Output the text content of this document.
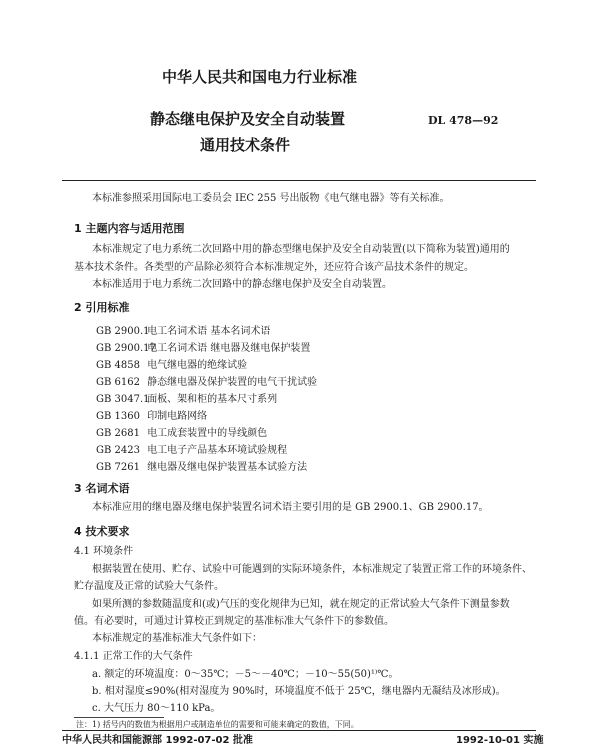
中华人民共和国电力行业标准
静态继电保护及安全自动装置
通用技术条件
DL 478—92
本标准参照采用国际电工委员会 IEC 255 号出版物《电气继电器》等有关标准。
1 主题内容与适用范围
本标准规定了电力系统二次回路中用的静态型继电保护及安全自动装置(以下简称为装置)通用的
基本技术条件。各类型的产品除必须符合本标准规定外，还应符合该产品技术条件的规定。
本标准适用于电力系统二次回路中的静态继电保护及安全自动装置。
2 引用标准
GB 2900.1 电工名词术语 基本名词术语
GB 2900.17 电工名词术语 继电器及继电保护装置
GB 4858 电气继电器的绝缘试验
GB 6162 静态继电器及保护装置的电气干扰试验
GB 3047.1 面板、架和柜的基本尺寸系列
GB 1360 印制电路网络
GB 2681 电工成套装置中的导线颜色
GB 2423 电工电子产品基本环境试验规程
GB 7261 继电器及继电保护装置基本试验方法
3 名词术语
本标准应用的继电器及继电保护装置名词术语主要引用的是 GB 2900.1、GB 2900.17。
4 技术要求
4.1 环境条件
根据装置在使用、贮存、试验中可能遇到的实际环境条件，本标准规定了装置正常工作的环境条件、
贮存温度及正常的试验大气条件。
如果所测的参数随温度和(或)气压的变化规律为已知，就在规定的正常试验大气条件下测量参数
值。有必要时，可通过计算校正到规定的基准标准大气条件下的参数值。
本标准规定的基准标准大气条件如下：
4.1.1 正常工作的大气条件
a. 额定的环境温度：0～35℃；－5～－40℃；－10～55(50)¹⁾℃。
b. 相对湿度≤90%(相对湿度为 90%时，环境温度不低于 25℃，继电器内无凝结及冰形成)。
c. 大气压力 80～110 kPa。
注：1) 括号内的数值为根据用户或制造单位的需要和可能来确定的数值，下同。
中华人民共和国能源部 1992-07-02 批准	1992-10-01 实施
